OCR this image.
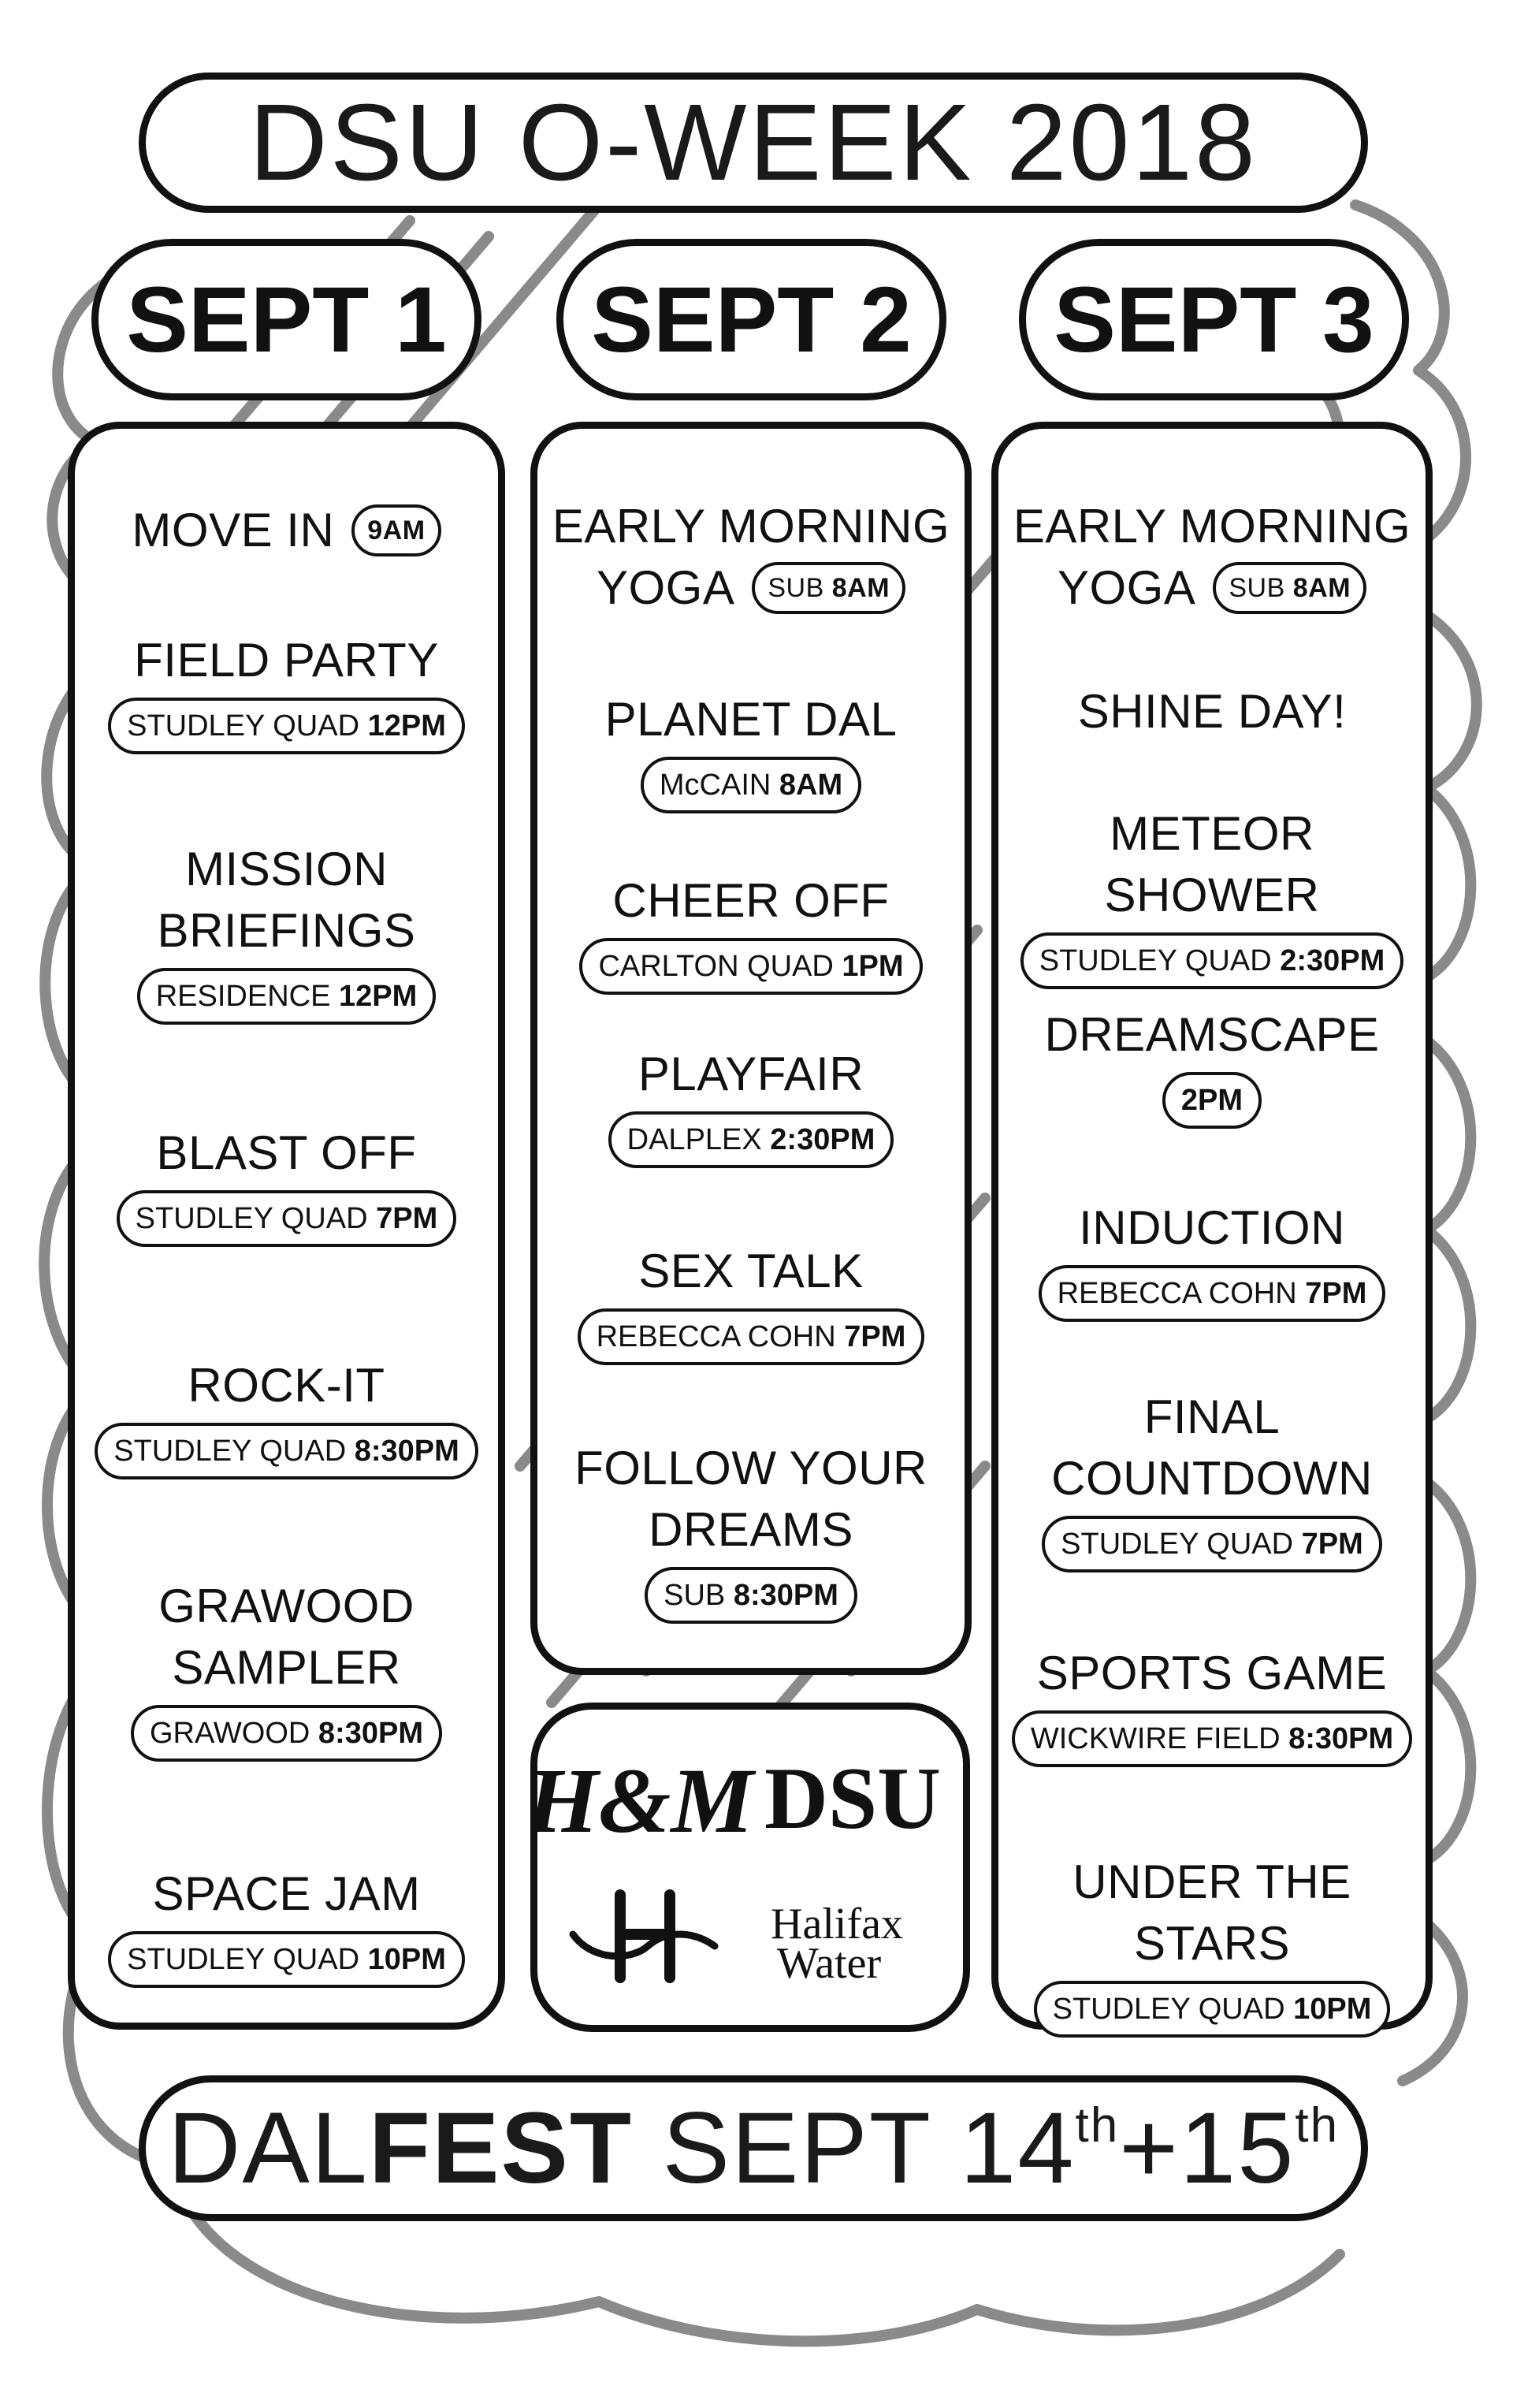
DSU O-WEEK 2018
SEPT 1 SEPT 2 SEPT 3
MOVE IN	9AM
FIELD PARTY
STUDLEY QUAD 12PM
MISSION
BRIEFINGS
RESIDENCE 12PM
BLAST OFF
STUDLEY QUAD 7PM
ROCK-IT
STUDLEY QUAD 8:30PM
GRAWOOD
SAMPLER
GRAWOOD 8:30PM
SPACE JAM
STUDLEY QUAD 10PM
EARLY MORNING
YOGA	SUB 8AM
PLANET DAL
McCAIN 8AM
CHEER OFF
CARLTON QUAD 1PM
PLAYFAIR
DALPLEX 2:30PM
SEX TALK
REBECCA COHN 7PM
FOLLOW YOUR
DREAMS
SUB 8:30PM
H&M DSU
Halifax
Water
EARLY MORNING
YOGA	SUB 8AM
SHINE DAY!
METEOR SHOWER
STUDLEY QUAD 2:30PM
DREAMSCAPE
2PM
INDUCTION
REBECCA COHN 7PM
FINAL
COUNTDOWN
STUDLEY QUAD 7PM
SPORTS GAME
WICKWIRE FIELD 8:30PM
UNDER THE STARS
STUDLEY QUAD 10PM
DALFEST SEPT 14th+15th
